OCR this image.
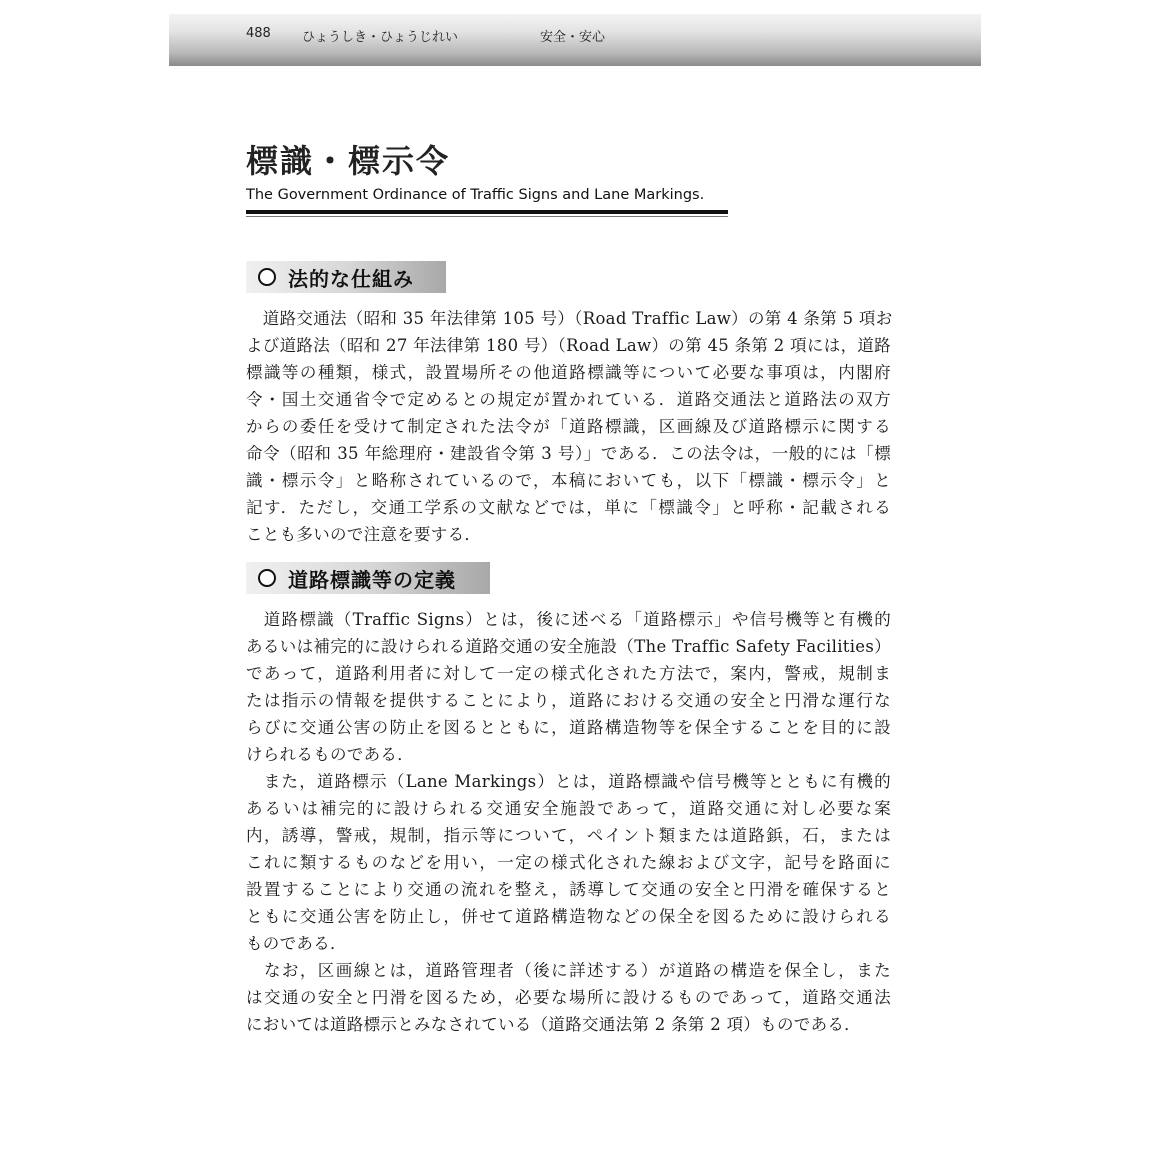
488 ひょうしき・ひょうじれい	安全・安心
標識・標示令
The Government Ordinance of Traffic Signs and Lane Markings.
法的な仕組み
　道路交通法（昭和 35 年法律第 105 号）（Road Traffic Law）の第 4 条第 5 項お
よび道路法（昭和 27 年法律第 180 号）（Road Law）の第 45 条第 2 項には，道路
標識等の種類，様式，設置場所その他道路標識等について必要な事項は，内閣府
令・国土交通省令で定めるとの規定が置かれている．道路交通法と道路法の双方
からの委任を受けて制定された法令が「道路標識，区画線及び道路標示に関する
命令（昭和 35 年総理府・建設省令第 3 号）」である．この法令は，一般的には「標
識・標示令」と略称されているので，本稿においても，以下「標識・標示令」と
記す．ただし，交通工学系の文献などでは，単に「標識令」と呼称・記載される
ことも多いので注意を要する．
道路標識等の定義
　道路標識（Traffic Signs）とは，後に述べる「道路標示」や信号機等と有機的
あるいは補完的に設けられる道路交通の安全施設（The Traffic Safety Facilities）
であって，道路利用者に対して一定の様式化された方法で，案内，警戒，規制ま
たは指示の情報を提供することにより，道路における交通の安全と円滑な運行な
らびに交通公害の防止を図るとともに，道路構造物等を保全することを目的に設
けられるものである．
　また，道路標示（Lane Markings）とは，道路標識や信号機等とともに有機的
あるいは補完的に設けられる交通安全施設であって，道路交通に対し必要な案
内，誘導，警戒，規制，指示等について，ペイント類または道路鋲，石，または
これに類するものなどを用い，一定の様式化された線および文字，記号を路面に
設置することにより交通の流れを整え，誘導して交通の安全と円滑を確保すると
ともに交通公害を防止し，併せて道路構造物などの保全を図るために設けられる
ものである．
　なお，区画線とは，道路管理者（後に詳述する）が道路の構造を保全し，また
は交通の安全と円滑を図るため，必要な場所に設けるものであって，道路交通法
においては道路標示とみなされている（道路交通法第 2 条第 2 項）ものである．
